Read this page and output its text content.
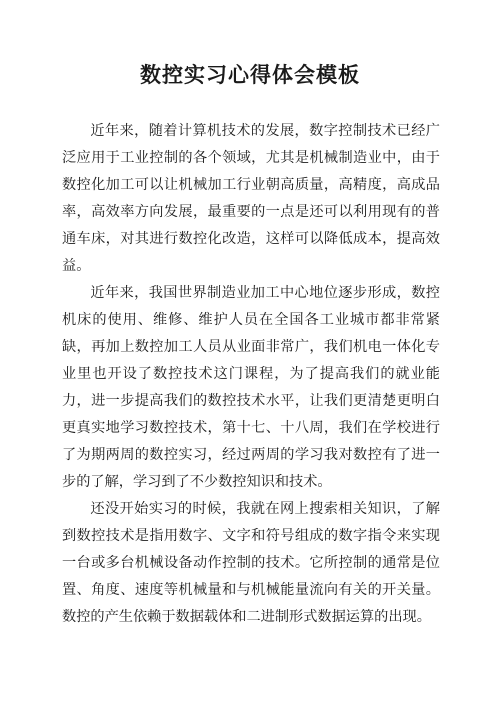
数控实习心得体会模板

近年来，随着计算机技术的发展，数字控制技术已经广泛应用于工业控制的各个领域，尤其是机械制造业中，由于数控化加工可以让机械加工行业朝高质量，高精度，高成品率，高效率方向发展，最重要的一点是还可以利用现有的普通车床，对其进行数控化改造，这样可以降低成本，提高效益。

近年来，我国世界制造业加工中心地位逐步形成，数控机床的使用、维修、维护人员在全国各工业城市都非常紧缺，再加上数控加工人员从业面非常广，我们机电一体化专业里也开设了数控技术这门课程，为了提高我们的就业能力，进一步提高我们的数控技术水平，让我们更清楚更明白更真实地学习数控技术，第十七、十八周，我们在学校进行了为期两周的数控实习，经过两周的学习我对数控有了进一步的了解，学习到了不少数控知识和技术。

还没开始实习的时候，我就在网上搜索相关知识，了解到数控技术是指用数字、文字和符号组成的数字指令来实现一台或多台机械设备动作控制的技术。它所控制的通常是位置、角度、速度等机械量和与机械能量流向有关的开关量。数控的产生依赖于数据载体和二进制形式数据运算的出现。
